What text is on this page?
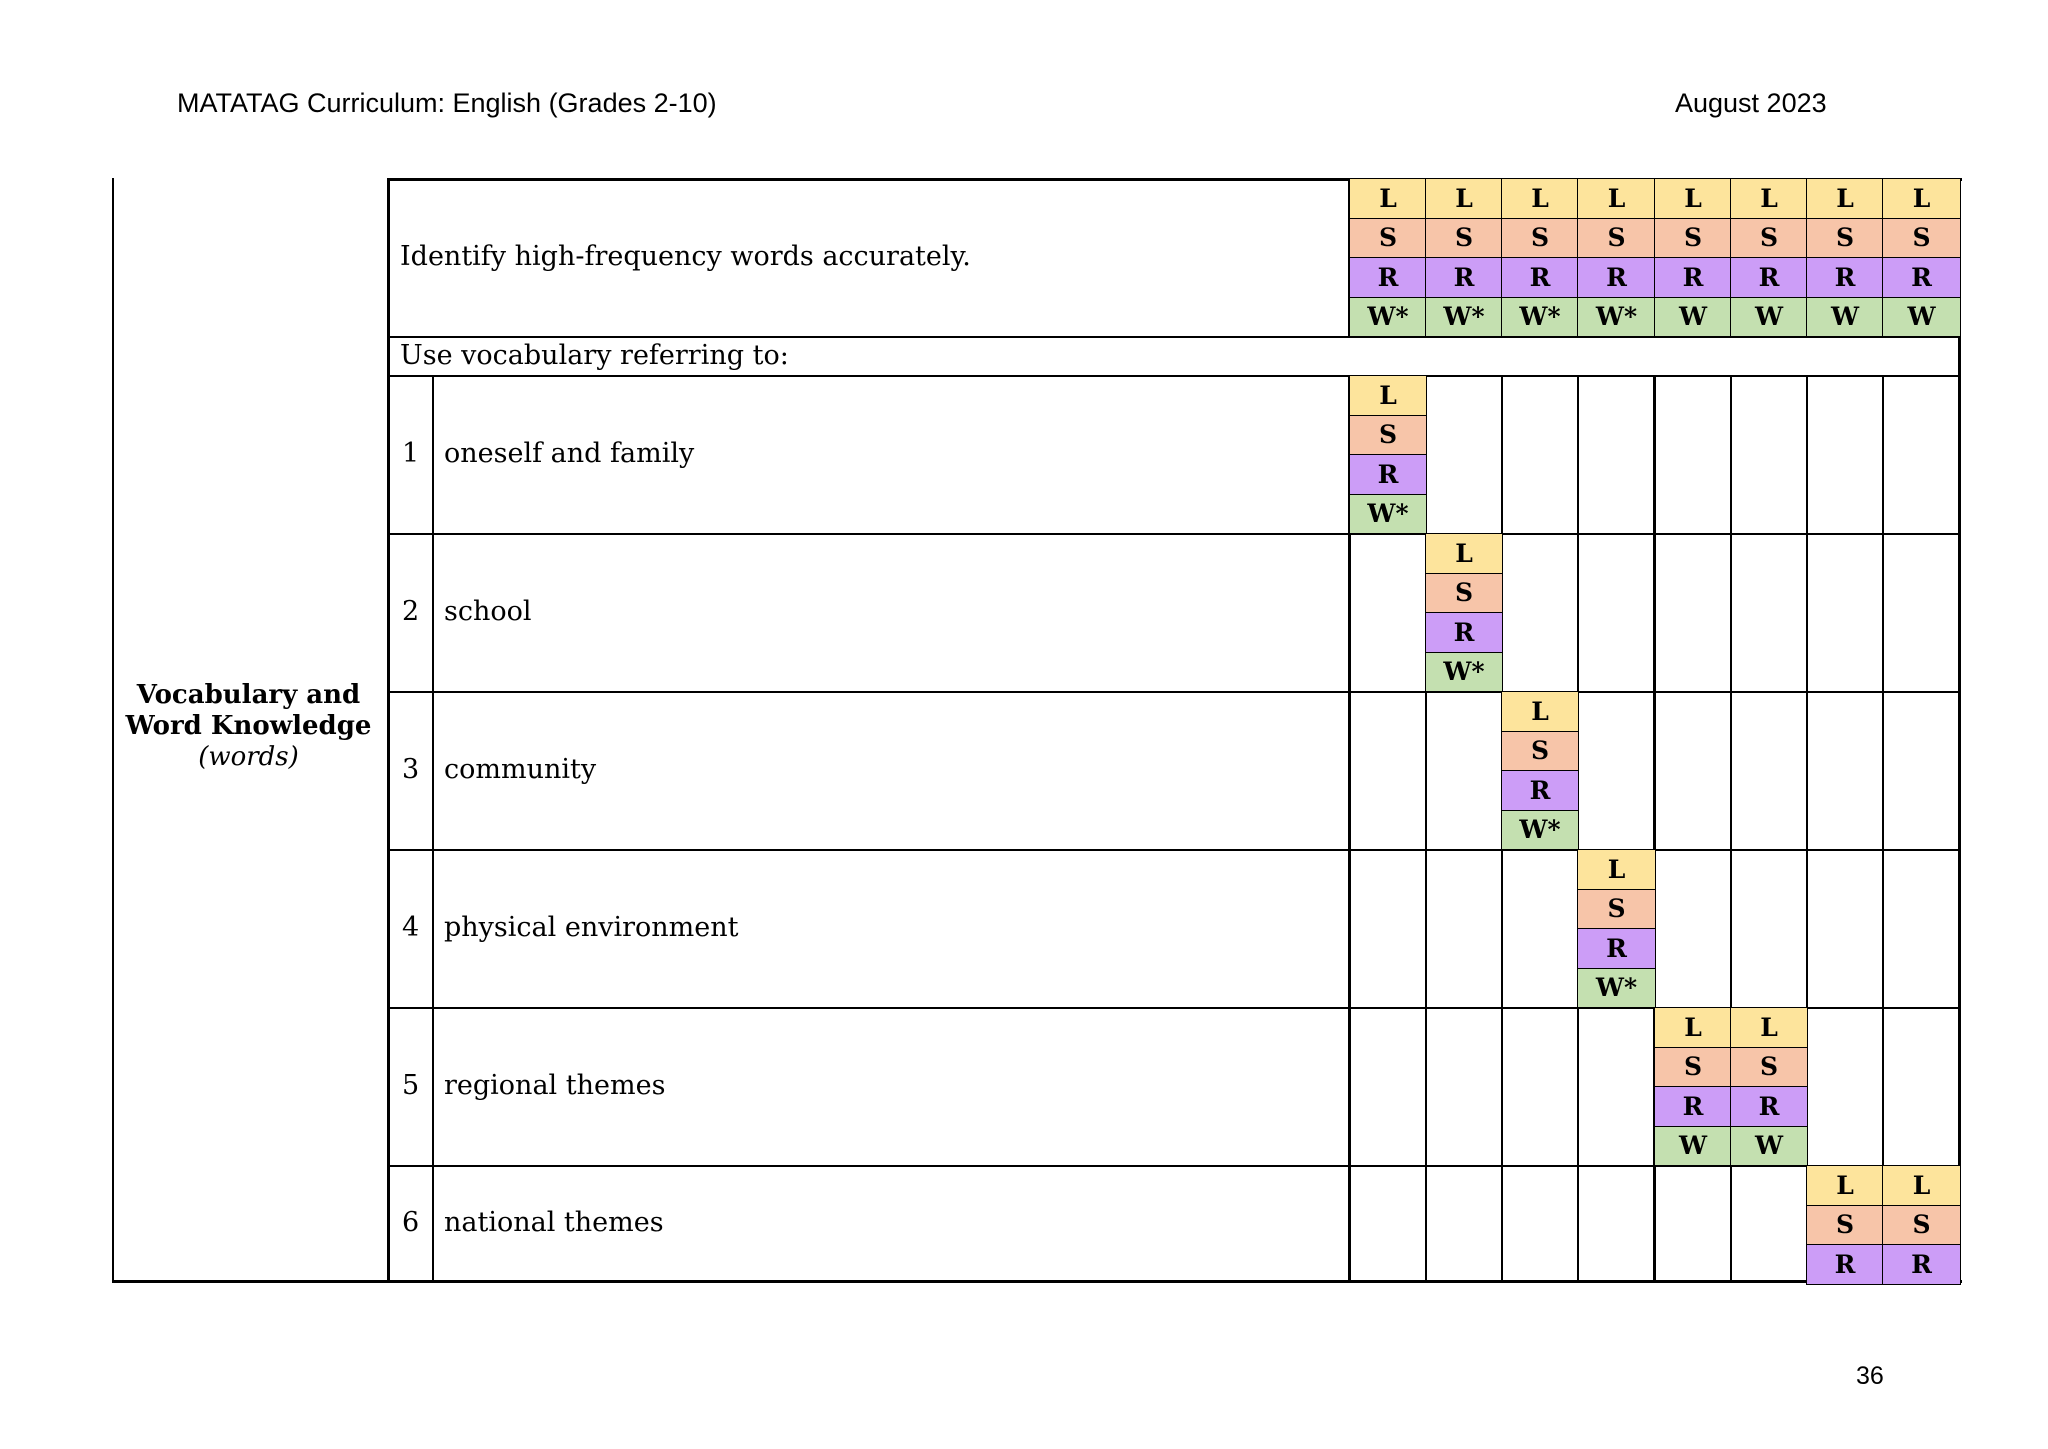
MATATAG Curriculum: English (Grades 2-10)	August 2023
Vocabulary and Word Knowledge
(words)
Identify high-frequency words accurately.
L
S
R
W*
L
S
R
W*
L
S
R
W*
L
S
R
W*
L
S
R
W
L
S
R
W
L
S
R
W
L
S
R
W
Use vocabulary referring to:
1 oneself and family
L
S
R
W*
2 school
L
S
R
W*
3 community
L
S
R
W*
4 physical environment
L
S
R
W*
5 regional themes
L
S
R
W
L
S
R
W
6 national themes
L
S
R
L
S
R
36
